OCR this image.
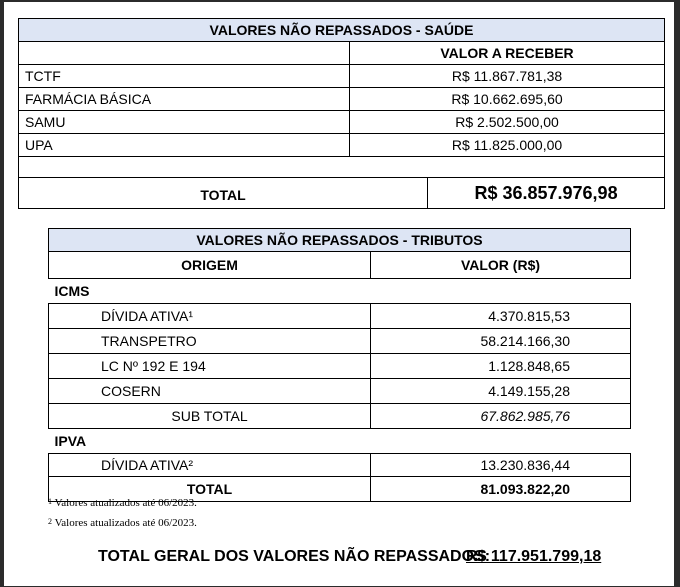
VALORES NÃO REPASSADOS - SAÚDE		
	VALOR A RECEBER	
TCTF	R$ 11.867.781,38	
FARMÁCIA BÁSICA	R$ 10.662.695,60	
SAMU	R$ 2.502.500,00	
UPA	R$ 11.825.000,00	

TOTAL		R$ 36.857.976,98
VALORES NÃO REPASSADOS - TRIBUTOS	
ORIGEM	VALOR (R$)
ICMS	
DÍVIDA ATIVA¹	4.370.815,53
TRANSPETRO	58.214.166,30
LC Nº 192 E 194	1.128.848,65
COSERN	4.149.155,28
SUB TOTAL	67.862.985,76
IPVA	
DÍVIDA ATIVA²	13.230.836,44
TOTAL	81.093.822,20
$^1$ Valores atualizados até 06/2023.
$^2$ Valores atualizados até 06/2023.
TOTAL GERAL DOS VALORES NÃO REPASSADOS:
R$ 117.951.799,18
